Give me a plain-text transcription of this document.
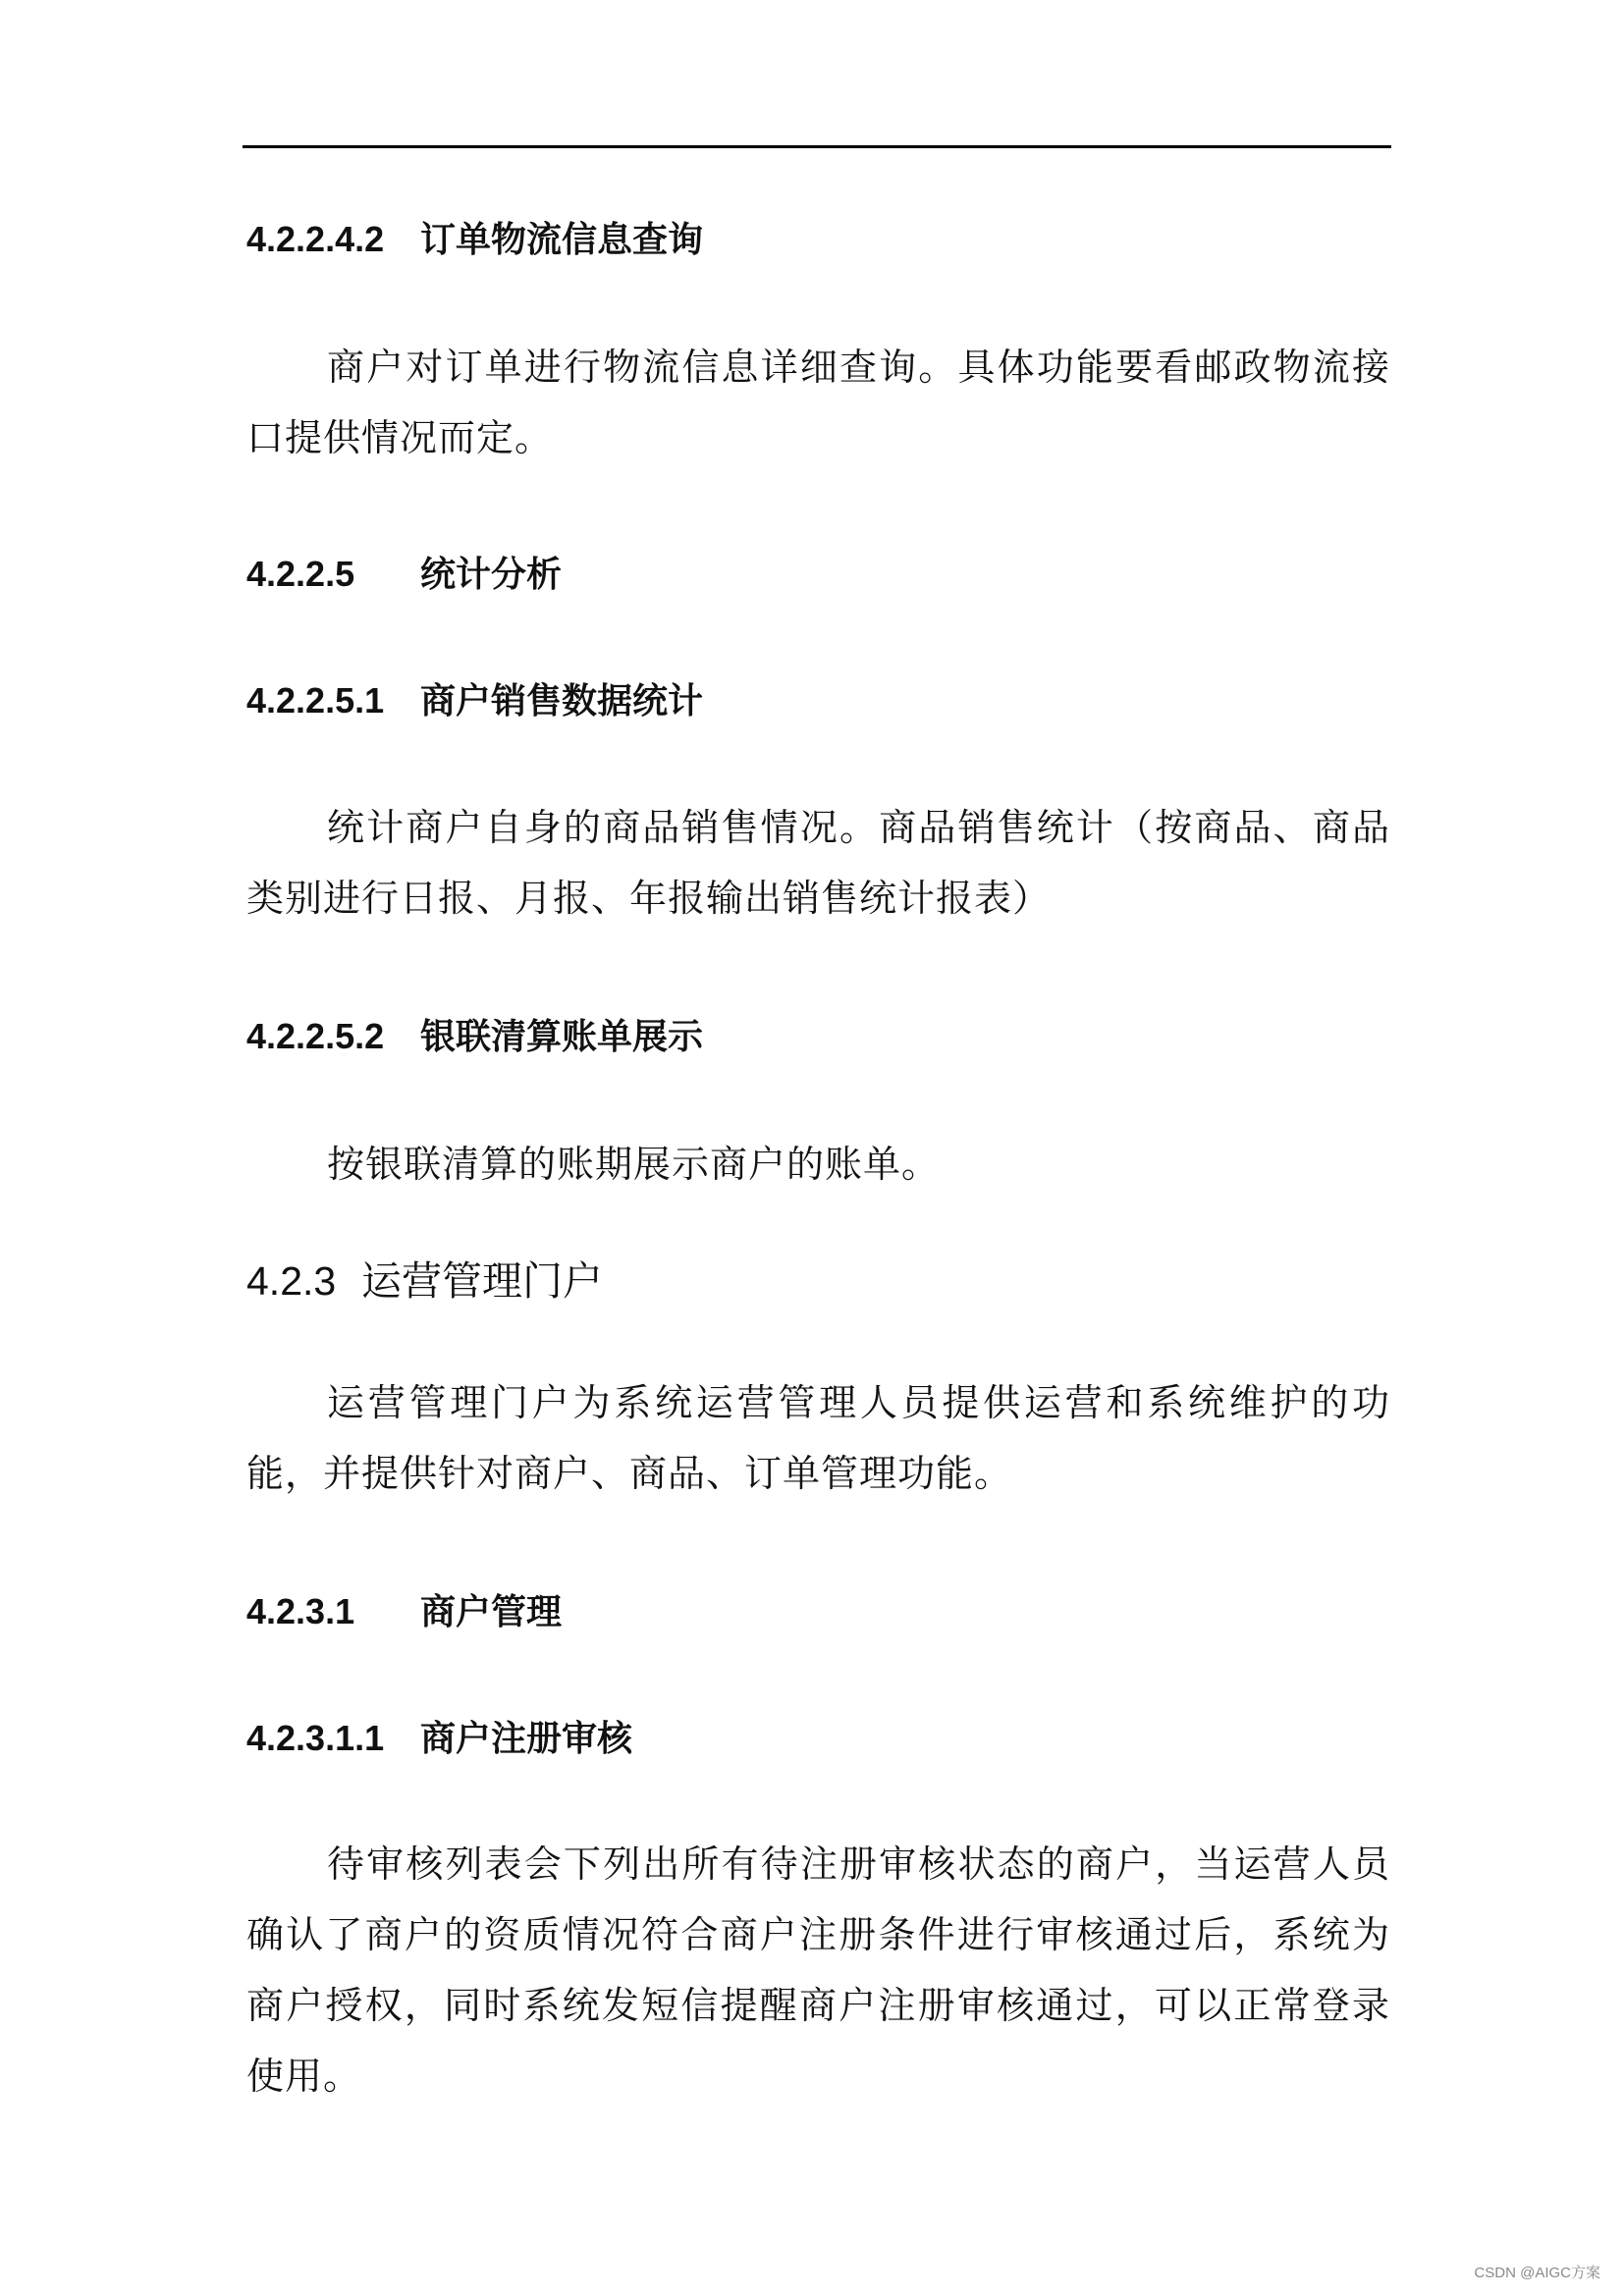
4.2.2.4.2 订单物流信息查询

商户对订单进行物流信息详细查询。具体功能要看邮政物流接口提供情况而定。

4.2.2.5 统计分析
4.2.2.5.1 商户销售数据统计

统计商户自身的商品销售情况。商品销售统计（按商品、商品类别进行日报、月报、年报输出销售统计报表）

4.2.2.5.2 银联清算账单展示

按银联清算的账期展示商户的账单。

4.2.3 运营管理门户

运营管理门户为系统运营管理人员提供运营和系统维护的功能，并提供针对商户、商品、订单管理功能。

4.2.3.1 商户管理
4.2.3.1.1 商户注册审核

待审核列表会下列出所有待注册审核状态的商户，当运营人员确认了商户的资质情况符合商户注册条件进行审核通过后，系统为商户授权，同时系统发短信提醒商户注册审核通过，可以正常登录使用。

CSDN @AIGC方案
